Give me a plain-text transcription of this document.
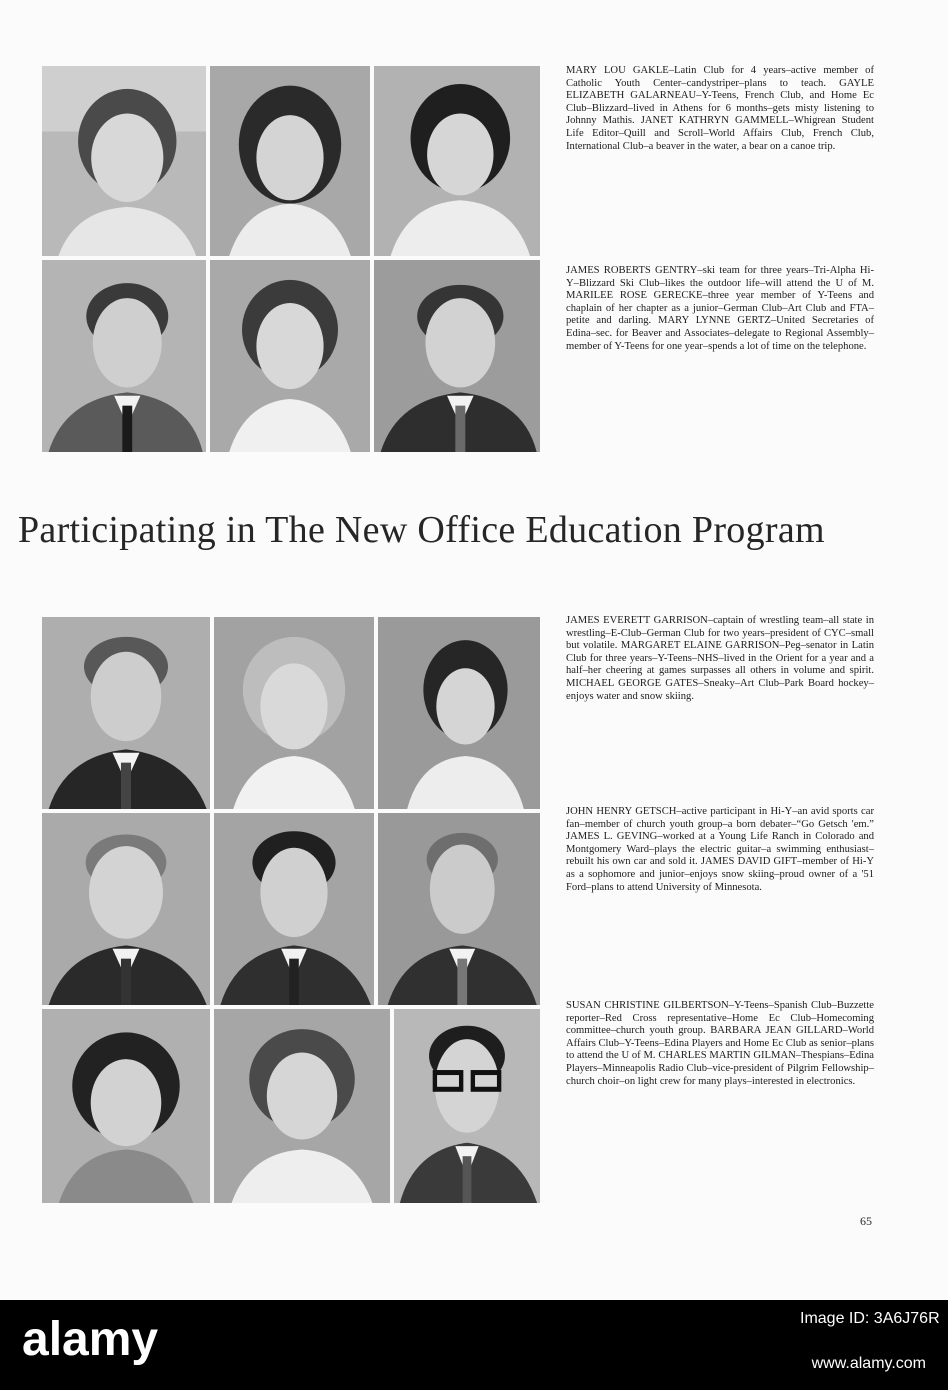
MARY LOU GAKLE–Latin Club for 4 years–active member of Catholic Youth Center–candystriper–plans to teach. GAYLE ELIZABETH GALARNEAU–Y-Teens, French Club, and Home Ec Club–Blizzard–lived in Athens for 6 months–gets misty listening to Johnny Mathis. JANET KATHRYN GAMMELL–Whigrean Student Life Editor–Quill and Scroll–World Affairs Club, French Club, International Club–a beaver in the water, a bear on a canoe trip.

JAMES ROBERTS GENTRY–ski team for three years–Tri-Alpha Hi-Y–Blizzard Ski Club–likes the outdoor life–will attend the U of M. MARILEE ROSE GERECKE–three year member of Y-Teens and chaplain of her chapter as a junior–German Club–Art Club and FTA–petite and darling. MARY LYNNE GERTZ–United Secretaries of Edina–sec. for Beaver and Associates–delegate to Regional Assembly–member of Y-Teens for one year–spends a lot of time on the telephone.

Participating in The New Office Education Program

JAMES EVERETT GARRISON–captain of wrestling team–all state in wrestling–E-Club–German Club for two years–president of CYC–small but volatile. MARGARET ELAINE GARRISON–Peg–senator in Latin Club for three years–Y-Teens–NHS–lived in the Orient for a year and a half–her cheering at games surpasses all others in volume and spirit. MICHAEL GEORGE GATES–Sneaky–Art Club–Park Board hockey–enjoys water and snow skiing.

JOHN HENRY GETSCH–active participant in Hi-Y–an avid sports car fan–member of church youth group–a born debater–“Go Getsch 'em.” JAMES L. GEVING–worked at a Young Life Ranch in Colorado and Montgomery Ward–plays the electric guitar–a swimming enthusiast–rebuilt his own car and sold it. JAMES DAVID GIFT–member of Hi-Y as a sophomore and junior–enjoys snow skiing–proud owner of a '51 Ford–plans to attend University of Minnesota.

SUSAN CHRISTINE GILBERTSON–Y-Teens–Spanish Club–Buzzette reporter–Red Cross representative–Home Ec Club–Homecoming committee–church youth group. BARBARA JEAN GILLARD–World Affairs Club–Y-Teens–Edina Players and Home Ec Club as senior–plans to attend the U of M. CHARLES MARTIN GILMAN–Thespians–Edina Players–Minneapolis Radio Club–vice-president of Pilgrim Fellowship–church choir–on light crew for many plays–interested in electronics.

65
alamy	Image ID: 3A6J76R
www.alamy.com
